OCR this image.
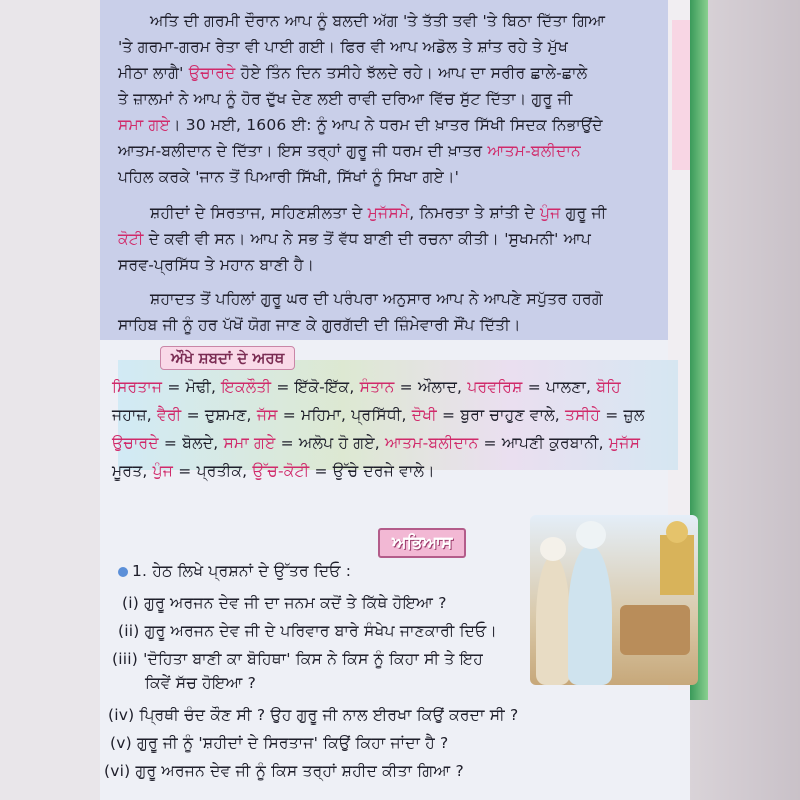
ਅਤਿ ਦੀ ਗਰਮੀ ਦੌਰਾਨ ਆਪ ਨੂੰ ਬਲਦੀ ਅੱਗ 'ਤੇ ਤੱਤੀ ਤਵੀ 'ਤੇ ਬਿਠਾ ਦਿੱਤਾ ਗਿਆ
'ਤੇ ਗਰਮਾ-ਗਰਮ ਰੇਤਾ ਵੀ ਪਾਈ ਗਈ। ਫਿਰ ਵੀ ਆਪ ਅਡੋਲ ਤੇ ਸ਼ਾਂਤ ਰਹੇ ਤੇ ਮੁੱਖ
ਮੀਠਾ ਲਾਗੈ' ਉਚਾਰਦੇ ਹੋਏ ਤਿੰਨ ਦਿਨ ਤਸੀਹੇ ਝੱਲਦੇ ਰਹੇ। ਆਪ ਦਾ ਸਰੀਰ ਛਾਲੇ-ਛਾਲੇ
ਤੇ ਜ਼ਾਲਮਾਂ ਨੇ ਆਪ ਨੂੰ ਹੋਰ ਦੁੱਖ ਦੇਣ ਲਈ ਰਾਵੀ ਦਰਿਆ ਵਿੱਚ ਸੁੱਟ ਦਿੱਤਾ। ਗੁਰੂ ਜੀ
ਸਮਾ ਗਏ। 30 ਮਈ, 1606 ਈ: ਨੂੰ ਆਪ ਨੇ ਧਰਮ ਦੀ ਖ਼ਾਤਰ ਸਿੱਖੀ ਸਿਦਕ ਨਿਭਾਉਂਦੇ
ਆਤਮ-ਬਲੀਦਾਨ ਦੇ ਦਿੱਤਾ। ਇਸ ਤਰ੍ਹਾਂ ਗੁਰੂ ਜੀ ਧਰਮ ਦੀ ਖ਼ਾਤਰ ਆਤਮ-ਬਲੀਦਾਨ
ਪਹਿਲ ਕਰਕੇ 'ਜਾਨ ਤੋਂ ਪਿਆਰੀ ਸਿੱਖੀ, ਸਿੱਖਾਂ ਨੂੰ ਸਿਖਾ ਗਏ।'
ਸ਼ਹੀਦਾਂ ਦੇ ਸਿਰਤਾਜ, ਸਹਿਣਸ਼ੀਲਤਾ ਦੇ ਮੁਜੱਸਮੇ, ਨਿਮਰਤਾ ਤੇ ਸ਼ਾਂਤੀ ਦੇ ਪੁੰਜ ਗੁਰੂ ਜੀ
ਕੋਟੀ ਦੇ ਕਵੀ ਵੀ ਸਨ। ਆਪ ਨੇ ਸਭ ਤੋਂ ਵੱਧ ਬਾਣੀ ਦੀ ਰਚਨਾ ਕੀਤੀ। 'ਸੁਖਮਨੀ' ਆਪ
ਸਰਵ-ਪ੍ਰਸਿੱਧ ਤੇ ਮਹਾਨ ਬਾਣੀ ਹੈ।
ਸ਼ਹਾਦਤ ਤੋਂ ਪਹਿਲਾਂ ਗੁਰੂ ਘਰ ਦੀ ਪਰੰਪਰਾ ਅਨੁਸਾਰ ਆਪ ਨੇ ਆਪਣੇ ਸਪੁੱਤਰ ਹਰਗੋ
ਸਾਹਿਬ ਜੀ ਨੂੰ ਹਰ ਪੱਖੋਂ ਯੋਗ ਜਾਣ ਕੇ ਗੁਰਗੱਦੀ ਦੀ ਜ਼ਿੰਮੇਵਾਰੀ ਸੌਂਪ ਦਿੱਤੀ।
ਔਖੇ ਸ਼ਬਦਾਂ ਦੇ ਅਰਥ
ਸਿਰਤਾਜ = ਮੋਢੀ, ਇਕਲੌਤੀ = ਇੱਕੋ-ਇੱਕ, ਸੰਤਾਨ = ਔਲਾਦ, ਪਰਵਰਿਸ਼ = ਪਾਲਣਾ, ਬੋਹਿ
ਜਹਾਜ਼, ਵੈਰੀ = ਦੁਸ਼ਮਣ, ਜੱਸ = ਮਹਿਮਾ, ਪ੍ਰਸਿੱਧੀ, ਦੋਖੀ = ਬੁਰਾ ਚਾਹੁਣ ਵਾਲੇ, ਤਸੀਹੇ = ਜ਼ੁਲ
ਉਚਾਰਦੇ = ਬੋਲਦੇ, ਸਮਾ ਗਏ = ਅਲੋਪ ਹੋ ਗਏ, ਆਤਮ-ਬਲੀਦਾਨ = ਆਪਣੀ ਕੁਰਬਾਨੀ, ਮੁਜੱਸ
ਮੂਰਤ, ਪੁੰਜ = ਪ੍ਰਤੀਕ, ਉੱਚ-ਕੋਟੀ = ਉੱਚੇ ਦਰਜੇ ਵਾਲੇ।
ਅਭਿਆਸ
1. ਹੇਠ ਲਿਖੇ ਪ੍ਰਸ਼ਨਾਂ ਦੇ ਉੱਤਰ ਦਿਓ :
(i) ਗੁਰੂ ਅਰਜਨ ਦੇਵ ਜੀ ਦਾ ਜਨਮ ਕਦੋਂ ਤੇ ਕਿੱਥੇ ਹੋਇਆ ?
(ii) ਗੁਰੂ ਅਰਜਨ ਦੇਵ ਜੀ ਦੇ ਪਰਿਵਾਰ ਬਾਰੇ ਸੰਖੇਪ ਜਾਣਕਾਰੀ ਦਿਓ।
(iii) 'ਦੋਹਿਤਾ ਬਾਣੀ ਕਾ ਬੋਹਿਥਾ' ਕਿਸ ਨੇ ਕਿਸ ਨੂੰ ਕਿਹਾ ਸੀ ਤੇ ਇਹ
ਕਿਵੇਂ ਸੱਚ ਹੋਇਆ ?
(iv) ਪ੍ਰਿਥੀ ਚੰਦ ਕੌਣ ਸੀ ? ਉਹ ਗੁਰੂ ਜੀ ਨਾਲ ਈਰਖਾ ਕਿਉਂ ਕਰਦਾ ਸੀ ?
(v) ਗੁਰੂ ਜੀ ਨੂੰ 'ਸ਼ਹੀਦਾਂ ਦੇ ਸਿਰਤਾਜ' ਕਿਉਂ ਕਿਹਾ ਜਾਂਦਾ ਹੈ ?
(vi) ਗੁਰੂ ਅਰਜਨ ਦੇਵ ਜੀ ਨੂੰ ਕਿਸ ਤਰ੍ਹਾਂ ਸ਼ਹੀਦ ਕੀਤਾ ਗਿਆ ?
